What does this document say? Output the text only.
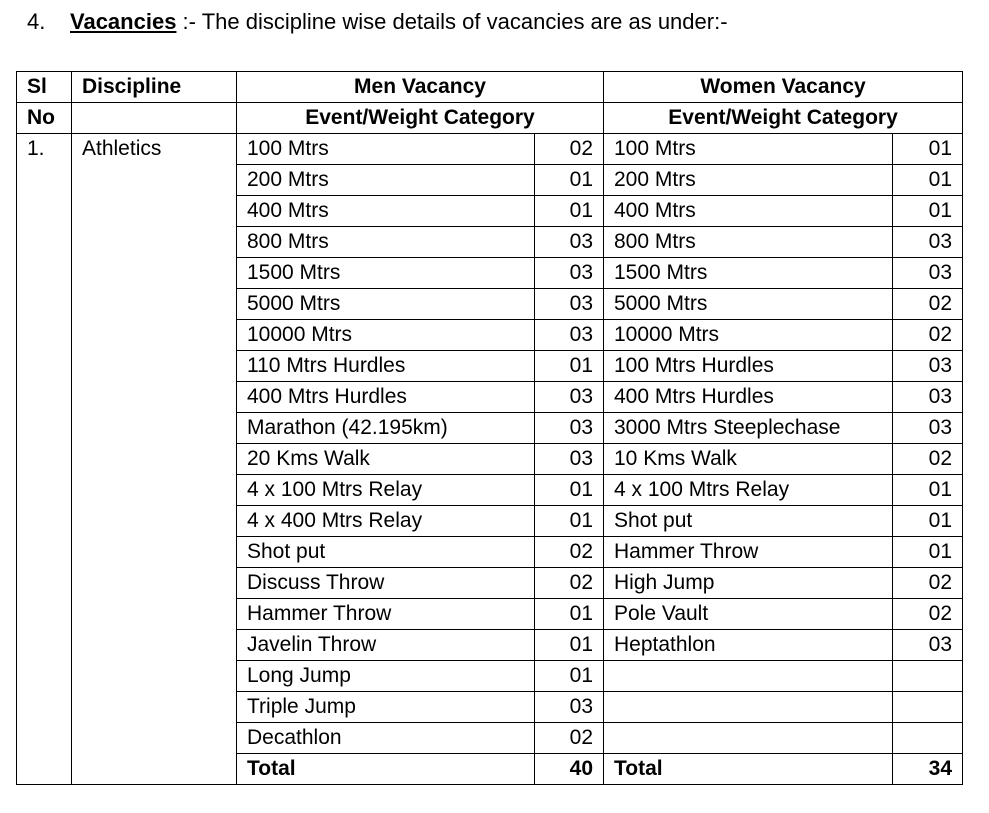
4. Vacancies :- The discipline wise details of vacancies are as under:-
Sl	Discipline	Men Vacancy		Women Vacancy	
No		Event/Weight Category		Event/Weight Category	
1.	Athletics	100 Mtrs	02	100 Mtrs	01
		200 Mtrs	01	200 Mtrs	01
		400 Mtrs	01	400 Mtrs	01
		800 Mtrs	03	800 Mtrs	03
		1500 Mtrs	03	1500 Mtrs	03
		5000 Mtrs	03	5000 Mtrs	02
		10000 Mtrs	03	10000 Mtrs	02
		110 Mtrs Hurdles	01	100 Mtrs Hurdles	03
		400 Mtrs Hurdles	03	400 Mtrs Hurdles	03
		Marathon (42.195km)	03	3000 Mtrs Steeplechase	03
		20 Kms Walk	03	10 Kms Walk	02
		4 x 100 Mtrs Relay	01	4 x 100 Mtrs Relay	01
		4 x 400 Mtrs Relay	01	Shot put	01
		Shot put	02	Hammer Throw	01
		Discuss Throw	02	High Jump	02
		Hammer Throw	01	Pole Vault	02
		Javelin Throw	01	Heptathlon	03
		Long Jump	01		
		Triple Jump	03		
		Decathlon	02		
		Total	40	Total	34
